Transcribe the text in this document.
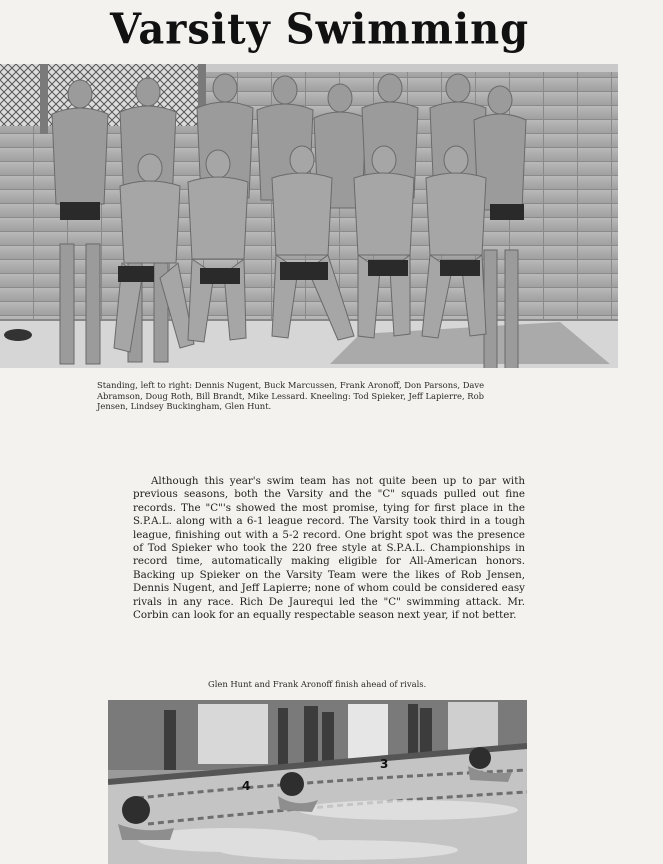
Varsity Swimming
Standing, left to right: Dennis Nugent, Buck Marcussen, Frank Aronoff, Don Parsons, Dave Abramson, Doug Roth, Bill Brandt, Mike Lessard. Kneeling: Tod Spieker, Jeff Lapierre, Rob Jensen, Lindsey Buckingham, Glen Hunt.
Although this year's swim team has not quite been up to par with previous seasons, both the Varsity and the "C" squads pulled out fine records. The "C"'s showed the most promise, tying for first place in the S.P.A.L. along with a 6-1 league record. The Varsity took third in a tough league, finishing out with a 5-2 record. One bright spot was the presence of Tod Spieker who took the 220 free style at S.P.A.L. Championships in record time, automatically making eligible for All-American honors. Backing up Spieker on the Varsity Team were the likes of Rob Jensen, Dennis Nugent, and Jeff Lapierre; none of whom could be considered easy rivals in any race. Rich De Jaurequi led the "C" swimming attack. Mr. Corbin can look for an equally respectable season next year, if not better.
Glen Hunt and Frank Aronoff finish ahead of rivals.
4
3
